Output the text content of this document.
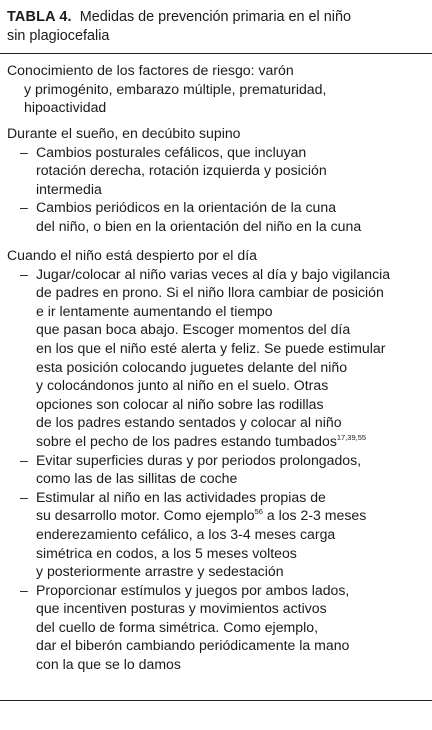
TABLA 4. Medidas de prevención primaria en el niño
sin plagiocefalia
Conocimiento de los factores de riesgo: varón
y primogénito, embarazo múltiple, prematuridad,
hipoactividad
Durante el sueño, en decúbito supino
– Cambios posturales cefálicos, que incluyan
rotación derecha, rotación izquierda y posición
intermedia
– Cambios periódicos en la orientación de la cuna
del niño, o bien en la orientación del niño en la cuna
Cuando el niño está despierto por el día
– Jugar/colocar al niño varias veces al día y bajo vigilancia
de padres en prono. Si el niño llora cambiar de posición
e ir lentamente aumentando el tiempo
que pasan boca abajo. Escoger momentos del día
en los que el niño esté alerta y feliz. Se puede estimular
esta posición colocando juguetes delante del niño
y colocándonos junto al niño en el suelo. Otras
opciones son colocar al niño sobre las rodillas
de los padres estando sentados y colocar al niño
sobre el pecho de los padres estando tumbados$^{17,39,55}$
– Evitar superficies duras y por periodos prolongados,
como las de las sillitas de coche
– Estimular al niño en las actividades propias de
su desarrollo motor. Como ejemplo$^{56}$ a los 2-3 meses
enderezamiento cefálico, a los 3-4 meses carga
simétrica en codos, a los 5 meses volteos
y posteriormente arrastre y sedestación
– Proporcionar estímulos y juegos por ambos lados,
que incentiven posturas y movimientos activos
del cuello de forma simétrica. Como ejemplo,
dar el biberón cambiando periódicamente la mano
con la que se lo damos
